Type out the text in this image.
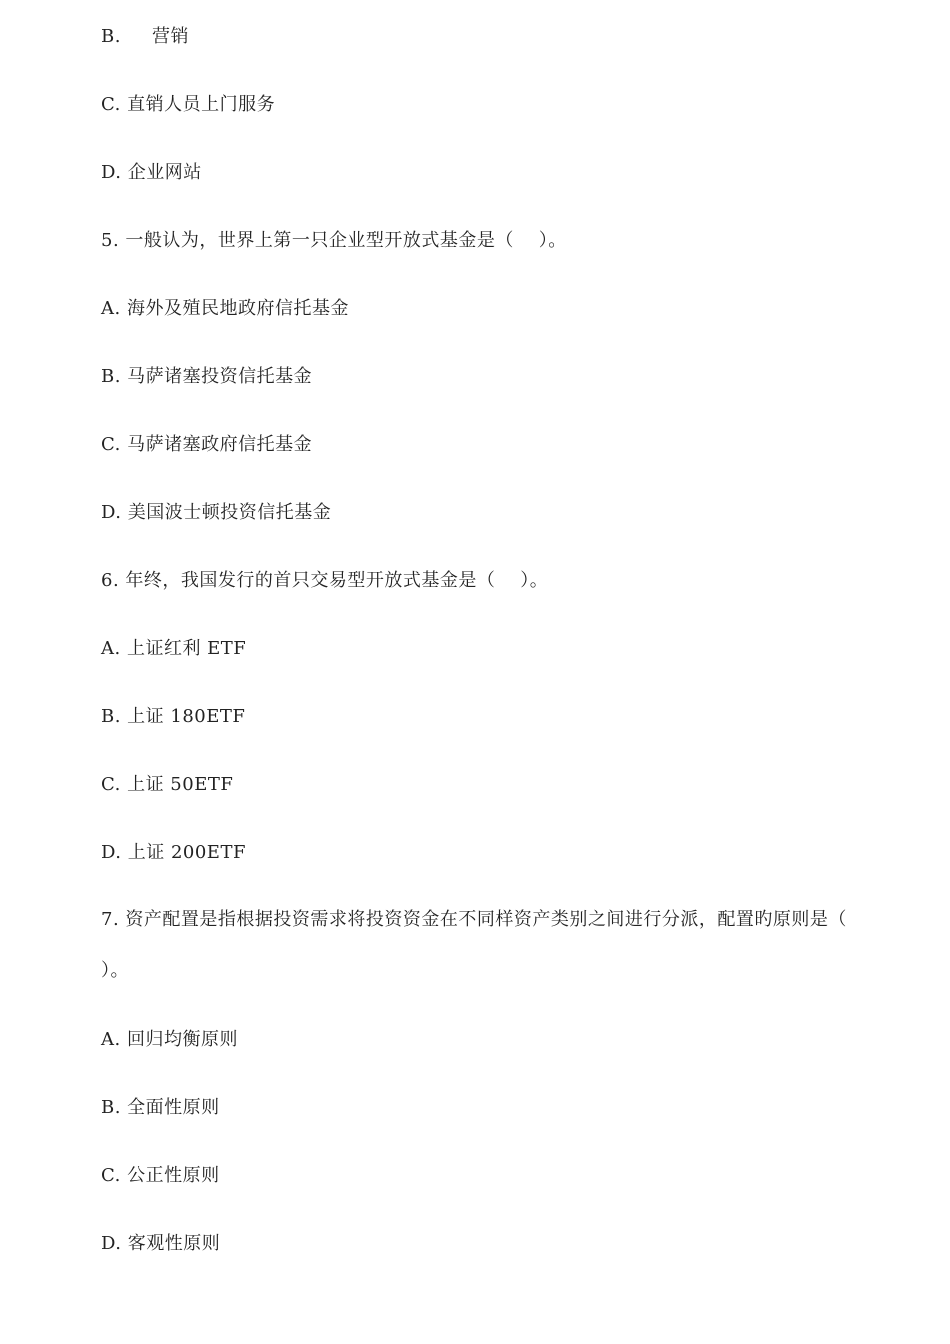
B.     营销
C. 直销人员上门服务
D. 企业网站
5. 一般认为，世界上第一只企业型开放式基金是（    ）。
A. 海外及殖民地政府信托基金
B. 马萨诸塞投资信托基金
C. 马萨诸塞政府信托基金
D. 美国波士顿投资信托基金
6. 年终，我国发行的首只交易型开放式基金是（    ）。
A. 上证红利 ETF
B. 上证 180ETF
C. 上证 50ETF
D. 上证 200ETF
7. 资产配置是指根据投资需求将投资资金在不同样资产类别之间进行分派，配置旳原则是（
）。
A. 回归均衡原则
B. 全面性原则
C. 公正性原则
D. 客观性原则
